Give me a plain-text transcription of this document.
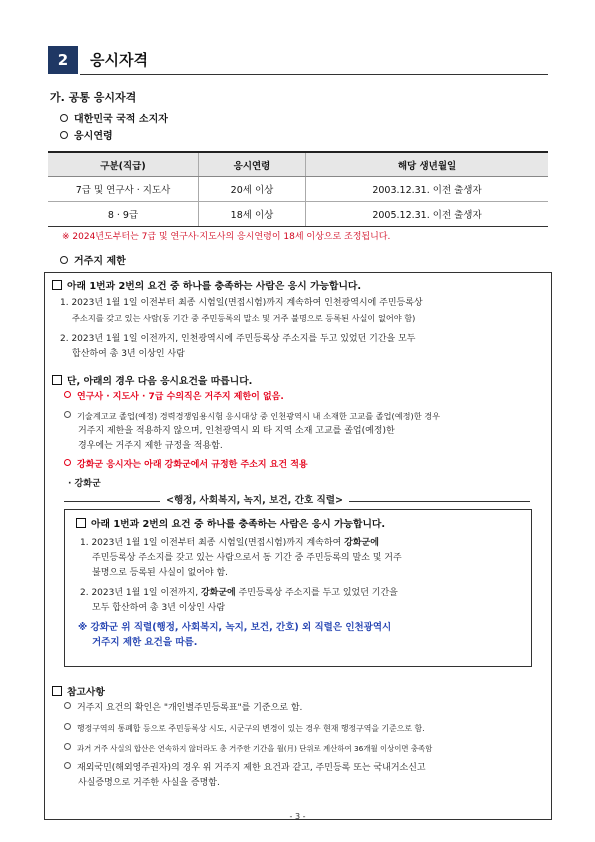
2	응시자격
가. 공통 응시자격
대한민국 국적 소지자
응시연령
구분(직급)	응시연령	해당 생년월일
7급 및 연구사 · 지도사	20세 이상	2003.12.31. 이전 출생자
8 · 9급	18세 이상	2005.12.31. 이전 출생자
※ 2024년도부터는 7급 및 연구사·지도사의 응시연령이 18세 이상으로 조정됩니다.
거주지 제한
아래 1번과 2번의 요건 중 하나를 충족하는 사람은 응시 가능합니다.
1. 2023년 1월 1일 이전부터 최종 시험일(면접시험)까지 계속하여 인천광역시에 주민등록상
주소지를 갖고 있는 사람(동 기간 중 주민등록의 말소 및 거주 불명으로 등록된 사실이 없어야 함)
2. 2023년 1월 1일 이전까지, 인천광역시에 주민등록상 주소지를 두고 있었던 기간을 모두
합산하여 총 3년 이상인 사람
단, 아래의 경우 다음 응시요건을 따릅니다.
연구사 · 지도사 · 7급 수의직은 거주지 제한이 없음.
기술계고교 졸업(예정) 경력경쟁임용시험 응시대상 중 인천광역시 내 소재한 고교를 졸업(예정)한 경우
거주지 제한을 적용하지 않으며, 인천광역시 외 타 지역 소재 고교를 졸업(예정)한
경우에는 거주지 제한 규정을 적용함.
강화군 응시자는 아래 강화군에서 규정한 주소지 요건 적용
· 강화군
<행정, 사회복지, 녹지, 보건, 간호 직렬>
아래 1번과 2번의 요건 중 하나를 충족하는 사람은 응시 가능합니다.
1. 2023년 1월 1일 이전부터 최종 시험일(면접시험)까지 계속하여 강화군에
주민등록상 주소지를 갖고 있는 사람으로서 동 기간 중 주민등록의 말소 및 거주
불명으로 등록된 사실이 없어야 함.
2. 2023년 1월 1일 이전까지, 강화군에 주민등록상 주소지를 두고 있었던 기간을
모두 합산하여 총 3년 이상인 사람
※ 강화군 위 직렬(행정, 사회복지, 녹지, 보건, 간호) 외 직렬은 인천광역시
거주지 제한 요건을 따름.
참고사항
거주지 요건의 확인은 "개인별주민등록표"를 기준으로 함.
행정구역의 통폐합 등으로 주민등록상 시도, 시군구의 변경이 있는 경우 현재 행정구역을 기준으로 함.
과거 거주 사실의 합산은 연속하지 않더라도 총 거주한 기간을 월(月) 단위로 계산하여 36개월 이상이면 충족함
재외국민(해외영주권자)의 경우 위 거주지 제한 요건과 같고, 주민등록 또는 국내거소신고
사실증명으로 거주한 사실을 증명함.
- 3 -
